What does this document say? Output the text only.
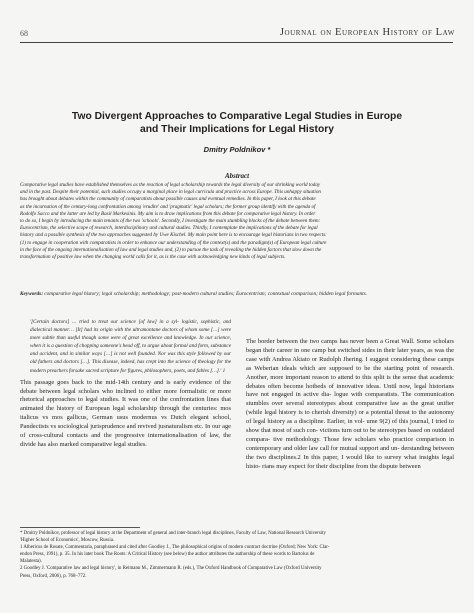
68	Journal on European History of Law
Two Divergent Approaches to Comparative Legal Studies in Europe
and Their Implications for Legal History
Dmitry Poldnikov *
Abstract
Comparative legal studies have established themselves as the reaction of legal scholarship towards the legal diversity of our shrinking world today
and in the past. Despite their potential, such studies occupy a marginal place in legal curricula and practice across Europe. This unhappy situation
has brought about debates within the community of comparatists about possible causes and eventual remedies. In this paper, I look at this debate
as the incarnation of the century-long confrontation among 'erudite' and 'pragmatic' legal scholars; the former group identify with the agenda of
Rodolfo Sacco and the latter are led by Basil Markesinis. My aim is to draw implications from this debate for comparative legal history. In order
to do so, I begin by introducing the main tenants of the two 'schools'. Secondly, I investigate the main stumbling blocks of the debate between them:
Eurocentrism, the selective scope of research, interdisciplinary and cultural studies. Thirdly, I contemplate the implications of the debate for legal
history and a possible synthesis of the two approaches suggested by Uwe Kischel. My main point here is to encourage legal historians in two respects:
(1) to engage in cooperation with comparatists in order to enhance our understanding of the context(s) and the paradigm(s) of European legal culture
in the face of the ongoing internationalisation of law and legal studies and, (2) to pursue the task of revealing the hidden factors that slow down the
transformation of positive law when the changing world calls for it, as is the case with acknowledging new kinds of legal subjects.
Keywords: comparative legal history; legal scholarship; methodology; post-modern cultural studies; Eurocentrism; contextual comparison; hidden legal formants.

'[Certain doctors] … tried to treat our science [of law] in a syl- logistic, sophistic, and dialectical manner… [It] had its origin with the ultramontane doctors of whom some […] were more subtle than useful though some were of great excellence and knowledge. In our science, when it is a question of chopping someone's head off, to argue about formal and form, substance and accident, and in similar ways […] is not well founded. Nor was this style followed by our old fathers and doctors […]. This disease, indeed, has crept into the science of theology for the modern preachers forsake sacred scripture for figures, philosophers, poets, and fables […].' 1

This passage goes back to the mid-14th century and is early evidence of the debate between legal scholars who inclined to either more formalistic or more rhetorical approaches to legal studies. It was one of the confrontation lines that animated the history of European legal scholarship through the centuries: mos italicus vs mos gallicus, German usus modernus vs Dutch elegant school, Pandectists vs sociological jurisprudence and revived jusnaturalism etc. In our age of cross-cultural contacts and the progressive internationalisation of law, the divide has also marked comparative legal studies.

The border between the two camps has never been a Great Wall. Some scholars began their career in one camp but switched sides in their later years, as was the case with Andrea Akiato or Rudolph Jhering. I suggest considering these camps as Weberian ideals which are supposed to be the starting point of research. Another, more important reason to attend to this split is the sense that academic debates often become hotbeds of innovative ideas. Until now, legal historians have not engaged in active dia- logue with comparatists. The communication stumbles over several stereotypes about comparative law as the great unifier (while legal history is to cherish diversity) or a potential threat to the autonomy of legal history as a discipline. Earlier, in vol- ume 9(2) of this journal, I tried to show that most of such con- victions turn out to be stereotypes based on outdated compara- tive methodology. Those few scholars who practice comparison in contemporary and older law call for mutual support and un- derstanding between the two disciplines.2 In this paper, I would like to survey what insights legal histo- rians may expect for their discipline from the dispute between

* Dmitry Poldnikov, professor of legal history at the Department of general and inter-branch legal disciplines, Faculty of Law, National Research University

'Higher School of Economics', Moscow, Russia.

1 Albericus de Rosate, Commentaria, paraphrased and cited after Goodley J., The philosophical origins of modern contract doctrine (Oxford; New York: Clar-

endon Press, 1991), p. 35. In his later book The Roots: A Critical History (see below) the author attributes the authorship of these words to Bartolus de

Malatesta).

2 Goodley J. 'Comparative law and legal history', in Reimann M., Zimmermann R. (eds.), The Oxford Handbook of Comparative Law (Oxford University

Press, Oxford, 2006), p. 768–772.
